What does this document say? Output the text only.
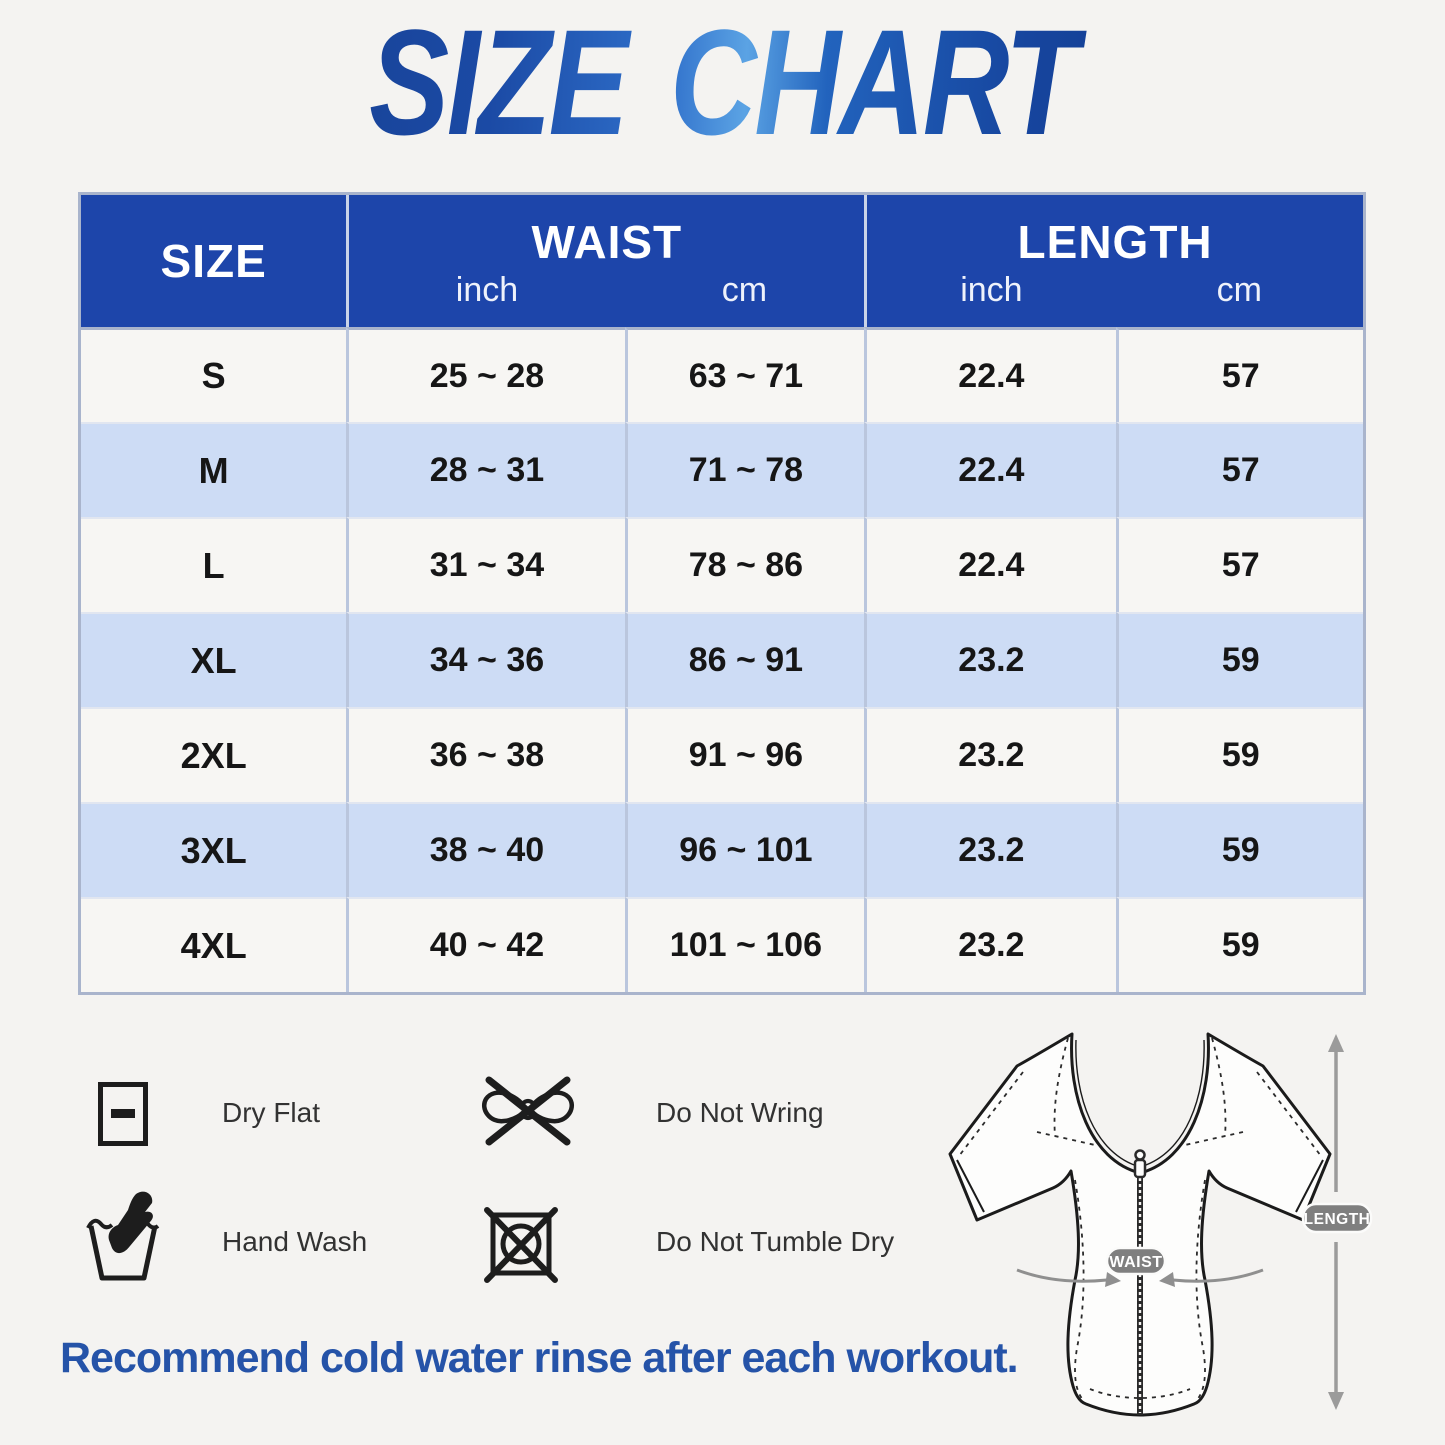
SIZE CHART
SIZE	WAIST	LENGTH
inch	cm	inch	cm
S	25 ~ 28	63 ~ 71	22.4	57
M	28 ~ 31	71 ~ 78	22.4	57
L	31 ~ 34	78 ~ 86	22.4	57
XL	34 ~ 36	86 ~ 91	23.2	59
2XL	36 ~ 38	91 ~ 96	23.2	59
3XL	38 ~ 40	96 ~ 101	23.2	59
4XL	40 ~ 42	101 ~ 106	23.2	59
Dry Flat
Hand Wash
Do Not Wring
Do Not Tumble Dry
WAIST
LENGTH
Recommend cold water rinse after each workout.
